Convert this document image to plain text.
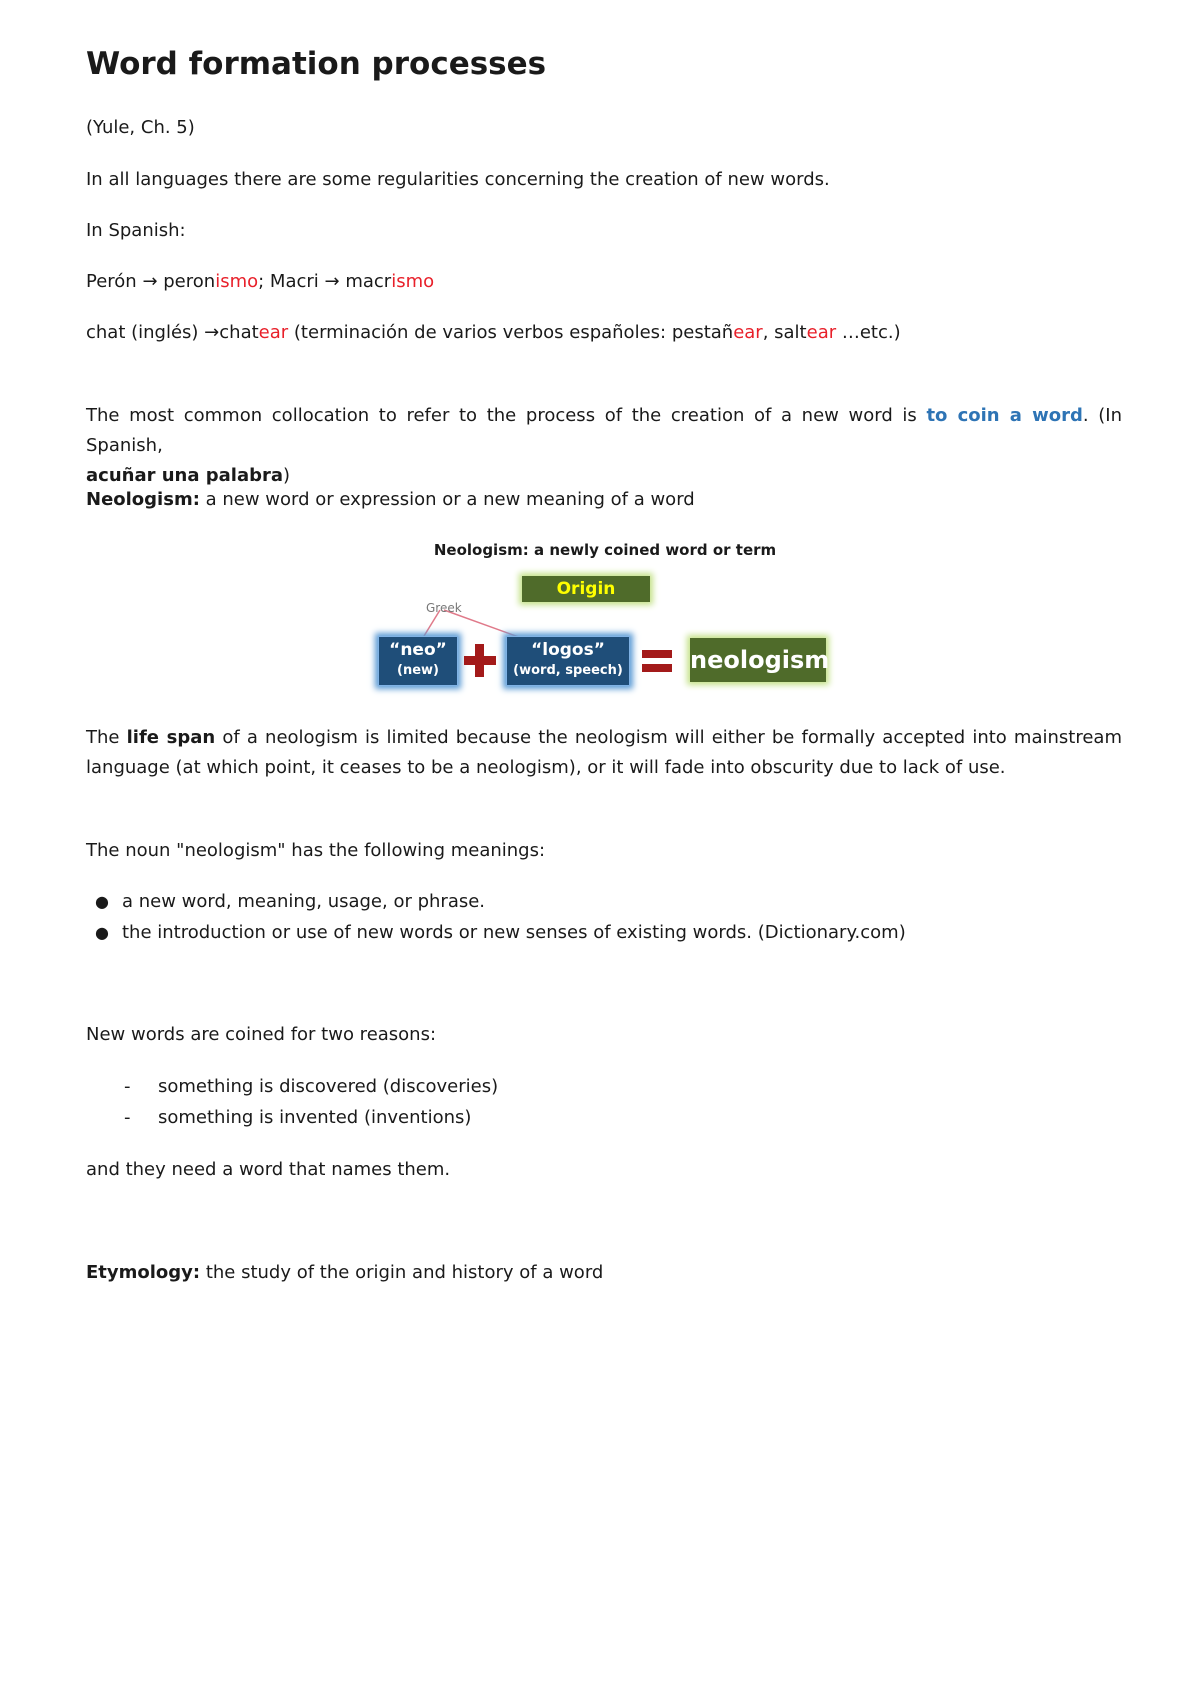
Word formation processes
(Yule, Ch. 5)
In all languages there are some regularities concerning the creation of new words.
In Spanish:
Perón → peronismo; Macri → macrismo
chat (inglés) →chatear (terminación de varios verbos españoles: pestañear, saltear …etc.)
The most common collocation to refer to the process of the creation of a new word is to coin a word. (In Spanish,
acuñar una palabra)
Neologism: a new word or expression or a new meaning of a word
Neologism: a newly coined word or term
Origin
Greek
“neo”
(new)
“logos”
(word, speech)	neologism
The life span of a neologism is limited because the neologism will either be formally accepted into mainstream language (at which point, it ceases to be a neologism), or it will fade into obscurity due to lack of use.
The noun "neologism" has the following meanings:
● a new word, meaning, usage, or phrase.
● the introduction or use of new words or new senses of existing words. (Dictionary.com)
New words are coined for two reasons:
- something is discovered (discoveries)
- something is invented (inventions)
and they need a word that names them.
Etymology: the study of the origin and history of a word
